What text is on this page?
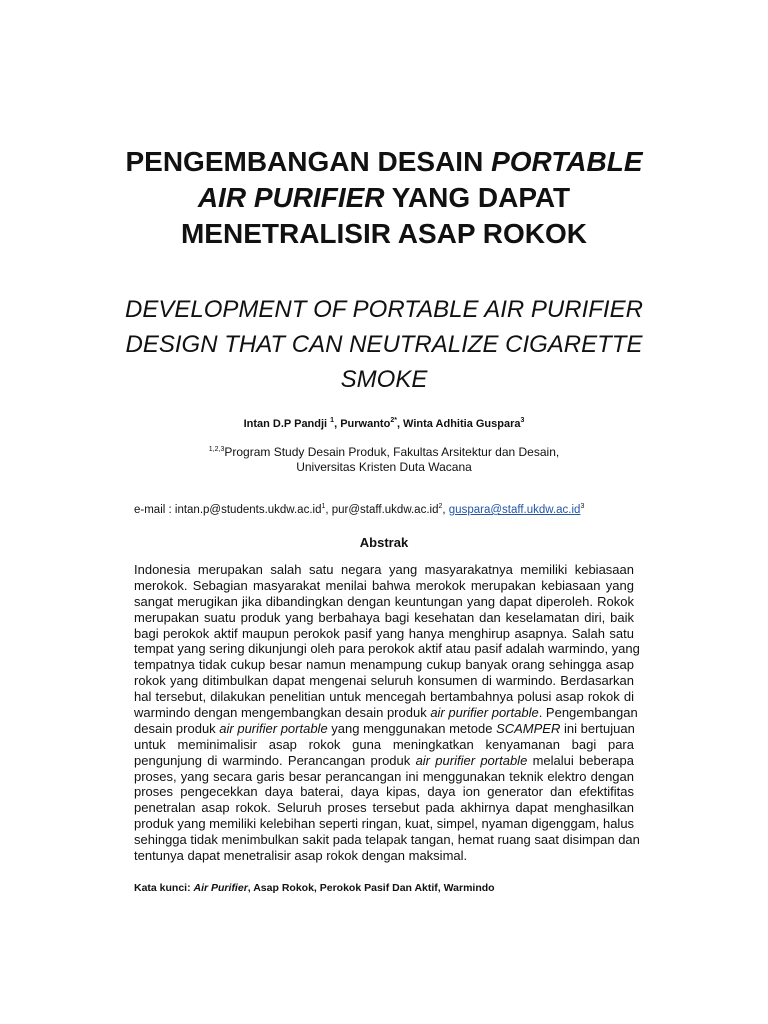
PENGEMBANGAN DESAIN PORTABLE
AIR PURIFIER YANG DAPAT
MENETRALISIR ASAP ROKOK
DEVELOPMENT OF PORTABLE AIR PURIFIER
DESIGN THAT CAN NEUTRALIZE CIGARETTE
SMOKE
Intan D.P Pandji $^1$, Purwanto$^{2*}$, Winta Adhitia Guspara$^3$
$^{1,2,3}$Program Study Desain Produk, Fakultas Arsitektur dan Desain,
Universitas Kristen Duta Wacana
e-mail : $intan.p@students.ukdw.ac.id^1$, $pur@staff.ukdw.ac.id^2$, $guspara@staff.ukdw.ac.id^3$
Abstrak
Indonesia merupakan salah satu negara yang masyarakatnya memiliki kebiasaan
merokok. Sebagian masyarakat menilai bahwa merokok merupakan kebiasaan yang
sangat merugikan jika dibandingkan dengan keuntungan yang dapat diperoleh. Rokok
merupakan suatu produk yang berbahaya bagi kesehatan dan keselamatan diri, baik
bagi perokok aktif maupun perokok pasif yang hanya menghirup asapnya. Salah satu
tempat yang sering dikunjungi oleh para perokok aktif atau pasif adalah warmindo, yang
tempatnya tidak cukup besar namun menampung cukup banyak orang sehingga asap
rokok yang ditimbulkan dapat mengenai seluruh konsumen di warmindo. Berdasarkan
hal tersebut, dilakukan penelitian untuk mencegah bertambahnya polusi asap rokok di
warmindo dengan mengembangkan desain produk air purifier portable. Pengembangan
desain produk air purifier portable yang menggunakan metode SCAMPER ini bertujuan
untuk meminimalisir asap rokok guna meningkatkan kenyamanan bagi para
pengunjung di warmindo. Perancangan produk air purifier portable melalui beberapa
proses, yang secara garis besar perancangan ini menggunakan teknik elektro dengan
proses pengecekkan daya baterai, daya kipas, daya ion generator dan efektifitas
penetralan asap rokok. Seluruh proses tersebut pada akhirnya dapat menghasilkan
produk yang memiliki kelebihan seperti ringan, kuat, simpel, nyaman digenggam, halus
sehingga tidak menimbulkan sakit pada telapak tangan, hemat ruang saat disimpan dan
tentunya dapat menetralisir asap rokok dengan maksimal.
Kata kunci: Air Purifier, Asap Rokok, Perokok Pasif Dan Aktif, Warmindo
